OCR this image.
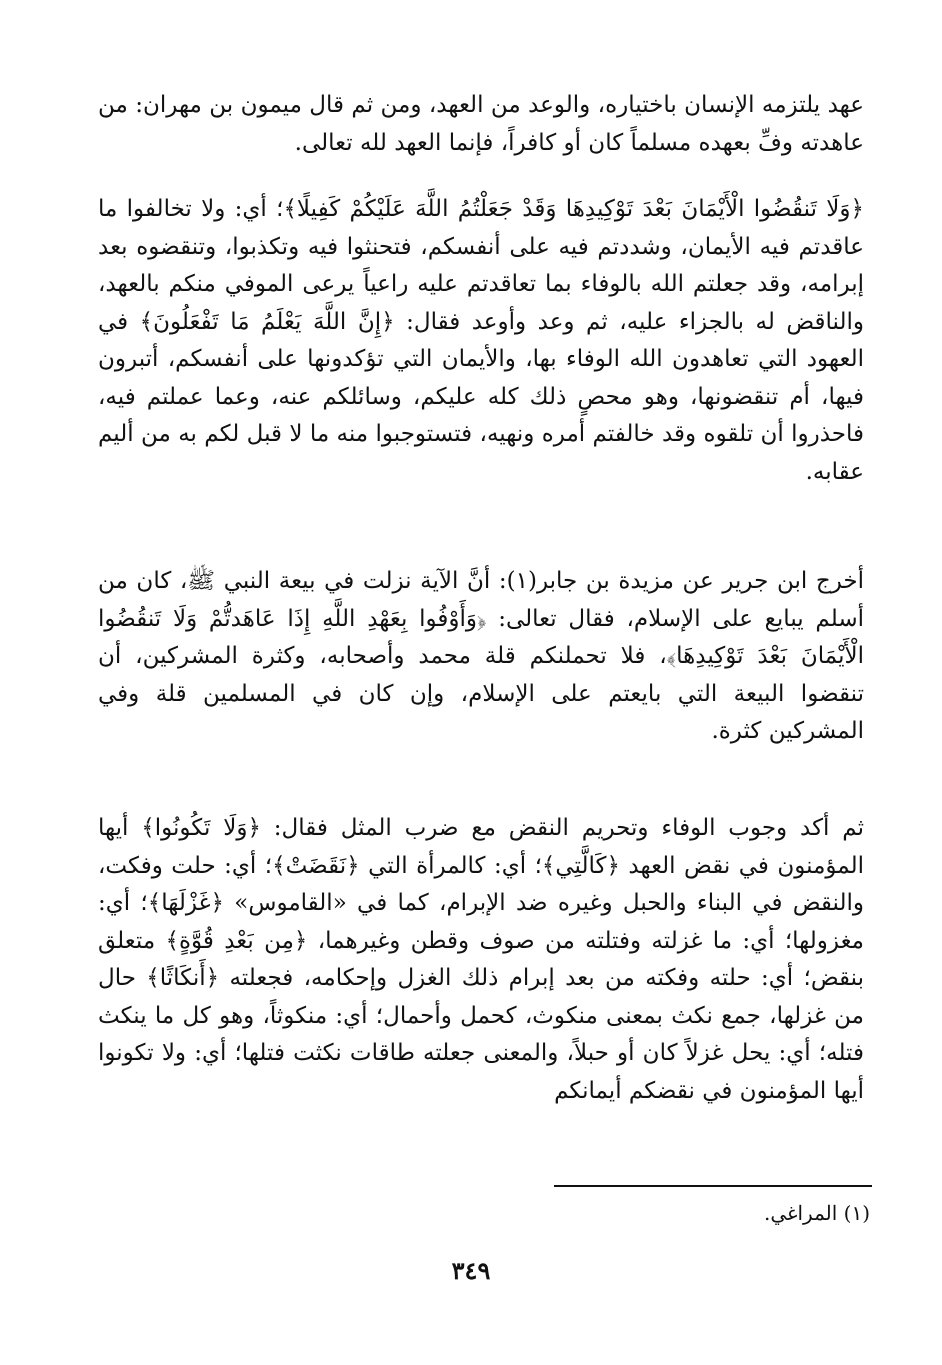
عهد يلتزمه الإنسان باختياره، والوعد من العهد، ومن ثم قال ميمون بن مهران: من عاهدته وفِّ بعهده مسلماً كان أو كافراً، فإنما العهد لله تعالى.
﴿وَلَا تَنقُضُوا الْأَيْمَانَ بَعْدَ تَوْكِيدِهَا وَقَدْ جَعَلْتُمُ اللَّهَ عَلَيْكُمْ كَفِيلًا﴾؛ أي: ولا تخالفوا ما عاقدتم فيه الأيمان، وشددتم فيه على أنفسكم، فتحنثوا فيه وتكذبوا، وتنقضوه بعد إبرامه، وقد جعلتم الله بالوفاء بما تعاقدتم عليه راعياً يرعى الموفي منكم بالعهد، والناقض له بالجزاء عليه، ثم وعد وأوعد فقال: ﴿إِنَّ اللَّهَ يَعْلَمُ مَا تَفْعَلُونَ﴾ في العهود التي تعاهدون الله الوفاء بها، والأيمان التي تؤكدونها على أنفسكم، أتبرون فيها، أم تنقضونها، وهو محصٍ ذلك كله عليكم، وسائلكم عنه، وعما عملتم فيه، فاحذروا أن تلقوه وقد خالفتم أمره ونهيه، فتستوجبوا منه ما لا قبل لكم به من أليم عقابه.
أخرج ابن جرير عن مزيدة بن جابر(١): أنَّ الآية نزلت في بيعة النبي ﷺ، كان من أسلم يبايع على الإسلام، فقال تعالى: ﴿وَأَوْفُوا بِعَهْدِ اللَّهِ إِذَا عَاهَدتُّمْ وَلَا تَنقُضُوا الْأَيْمَانَ بَعْدَ تَوْكِيدِهَا﴾، فلا تحملنكم قلة محمد وأصحابه، وكثرة المشركين، أن تنقضوا البيعة التي بايعتم على الإسلام، وإن كان في المسلمين قلة وفي المشركين كثرة.
ثم أكد وجوب الوفاء وتحريم النقض مع ضرب المثل فقال: ﴿وَلَا تَكُونُوا﴾ أيها المؤمنون في نقض العهد ﴿كَالَّتِي﴾؛ أي: كالمرأة التي ﴿نَقَضَتْ﴾؛ أي: حلت وفكت، والنقض في البناء والحبل وغيره ضد الإبرام، كما في «القاموس» ﴿غَزْلَهَا﴾؛ أي: مغزولها؛ أي: ما غزلته وفتلته من صوف وقطن وغيرهما، ﴿مِن بَعْدِ قُوَّةٍ﴾ متعلق بنقض؛ أي: حلته وفكته من بعد إبرام ذلك الغزل وإحكامه، فجعلته ﴿أَنكَاثًا﴾ حال من غزلها، جمع نكث بمعنى منكوث، كحمل وأحمال؛ أي: منكوثاً، وهو كل ما ينكث فتله؛ أي: يحل غزلاً كان أو حبلاً، والمعنى جعلته طاقات نكثت فتلها؛ أي: ولا تكونوا أيها المؤمنون في نقضكم أيمانكم
(١) المراغي.
٣٤٩
